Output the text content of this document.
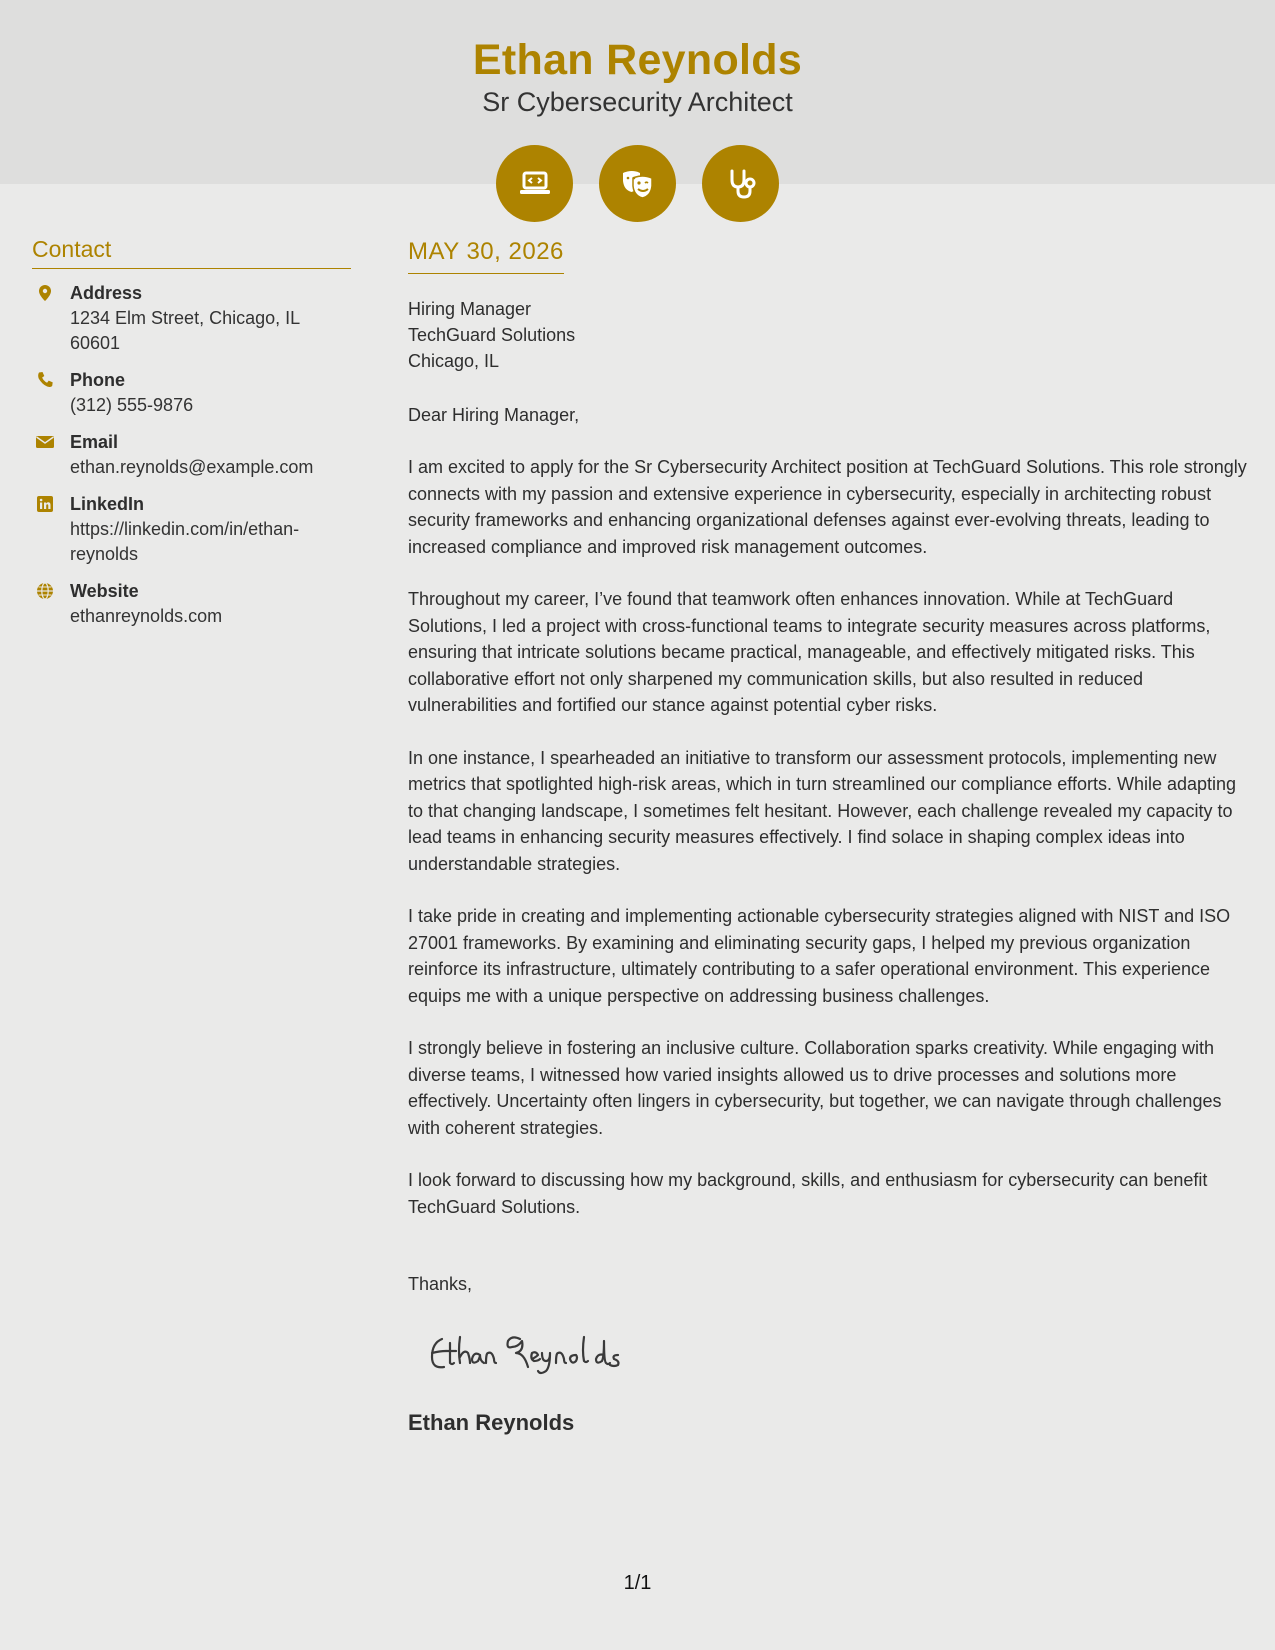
Ethan Reynolds
Sr Cybersecurity Architect
Contact
Address
1234 Elm Street, Chicago, IL 60601
Phone
(312) 555-9876
Email
ethan.reynolds@example.com
LinkedIn
https://linkedin.com/in/ethan-reynolds
Website
ethanreynolds.com
MAY 30, 2026
Hiring Manager
TechGuard Solutions
Chicago, IL
Dear Hiring Manager,
I am excited to apply for the Sr Cybersecurity Architect position at TechGuard Solutions. This role strongly connects with my passion and extensive experience in cybersecurity, especially in architecting robust security frameworks and enhancing organizational defenses against ever-evolving threats, leading to increased compliance and improved risk management outcomes.
Throughout my career, I’ve found that teamwork often enhances innovation. While at TechGuard Solutions, I led a project with cross-functional teams to integrate security measures across platforms, ensuring that intricate solutions became practical, manageable, and effectively mitigated risks. This collaborative effort not only sharpened my communication skills, but also resulted in reduced vulnerabilities and fortified our stance against potential cyber risks.
In one instance, I spearheaded an initiative to transform our assessment protocols, implementing new metrics that spotlighted high-risk areas, which in turn streamlined our compliance efforts. While adapting to that changing landscape, I sometimes felt hesitant. However, each challenge revealed my capacity to lead teams in enhancing security measures effectively. I find solace in shaping complex ideas into understandable strategies.
I take pride in creating and implementing actionable cybersecurity strategies aligned with NIST and ISO 27001 frameworks. By examining and eliminating security gaps, I helped my previous organization reinforce its infrastructure, ultimately contributing to a safer operational environment. This experience equips me with a unique perspective on addressing business challenges.
I strongly believe in fostering an inclusive culture. Collaboration sparks creativity. While engaging with diverse teams, I witnessed how varied insights allowed us to drive processes and solutions more effectively. Uncertainty often lingers in cybersecurity, but together, we can navigate through challenges with coherent strategies.
I look forward to discussing how my background, skills, and enthusiasm for cybersecurity can benefit TechGuard Solutions.
Thanks,
Ethan Reynolds
1/1
